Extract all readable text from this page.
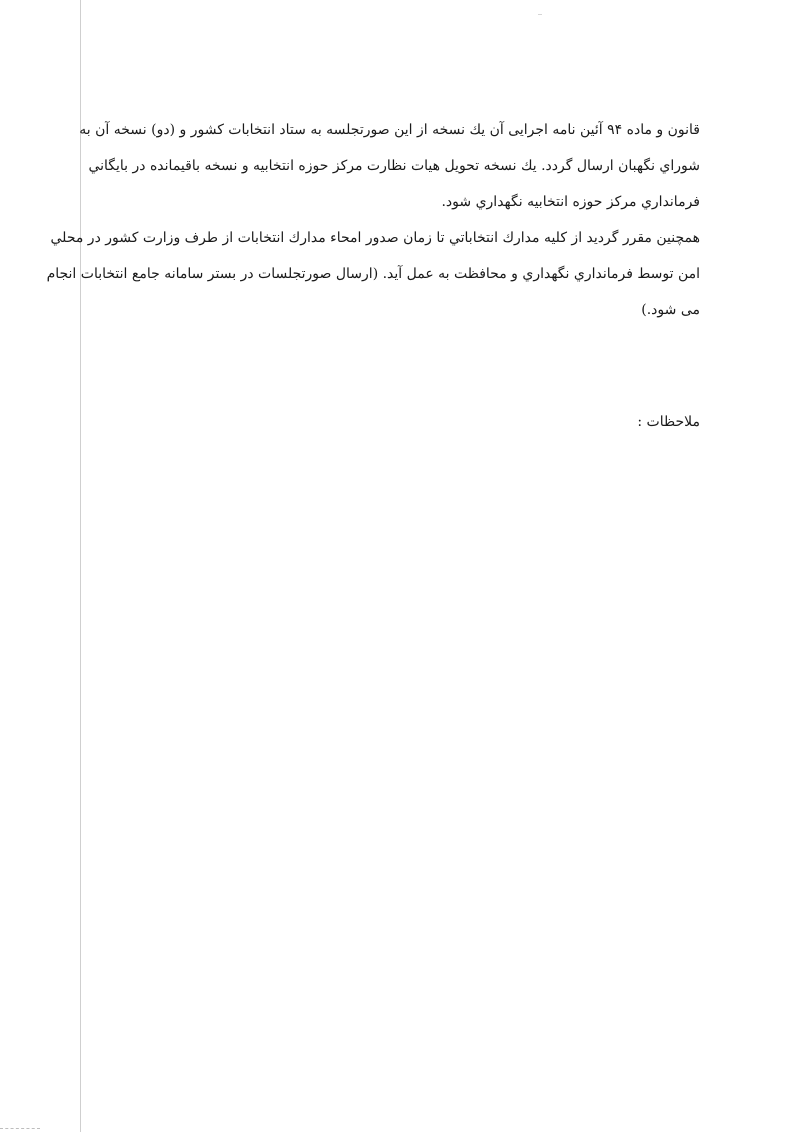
قانون و ماده ۹۴ آئين نامه اجرایی آن يك نسخه از اين صورتجلسه به ستاد انتخابات كشور و (دو) نسخه آن به
شوراي نگهبان ارسال گردد. يك نسخه تحويل هيات نظارت مركز حوزه انتخابيه و نسخه باقيمانده در بايگاني
فرمانداري مركز حوزه انتخابيه نگهداري شود.
همچنين مقرر گرديد از كليه مدارك انتخاباتي تا زمان صدور امحاء مدارك انتخابات از طرف وزارت كشور در محلي
امن توسط فرمانداري نگهداري و محافظت به عمل آيد. (ارسال صورتجلسات در بستر سامانه جامع انتخابات انجام
می شود.)
ملاحظات :
